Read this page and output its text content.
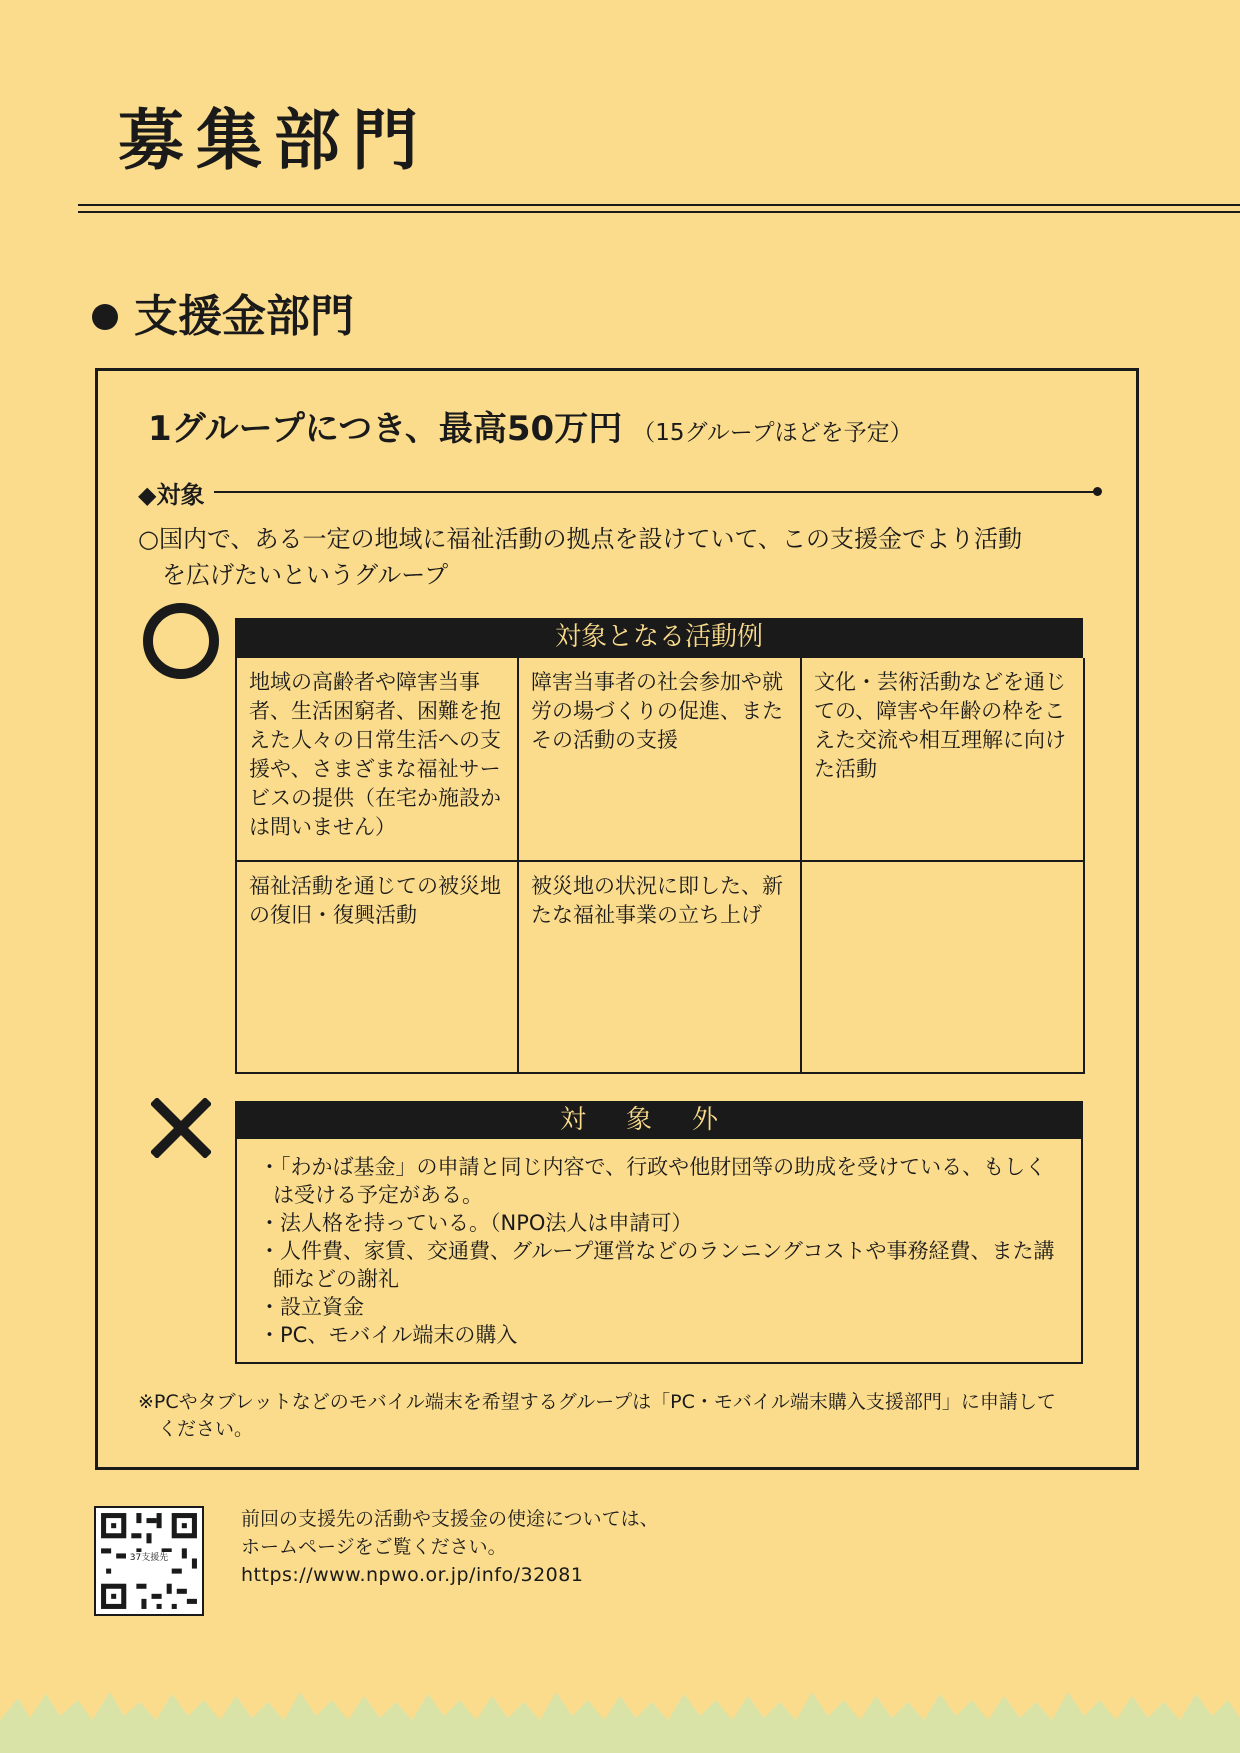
募集部門
支援金部門
1グループにつき、最高50万円 （15グループほどを予定）
◆対象
○国内で、ある一定の地域に福祉活動の拠点を設けていて、この支援金でより活動
を広げたいというグループ
対象となる活動例
地域の高齢者や障害当事者、生活困窮者、困難を抱えた人々の日常生活への支援や、さまざまな福祉サービスの提供（在宅か施設かは問いません）
障害当事者の社会参加や就労の場づくりの促進、またその活動の支援
文化・芸術活動などを通じての、障害や年齢の枠をこえた交流や相互理解に向けた活動
福祉活動を通じての被災地の復旧・復興活動
被災地の状況に即した、新たな福祉事業の立ち上げ
対象外
・「わかば基金」の申請と同じ内容で、行政や他財団等の助成を受けている、もしくは受ける予定がある。
・法人格を持っている。（NPO法人は申請可）
・人件費、家賃、交通費、グループ運営などのランニングコストや事務経費、また講師などの謝礼
・設立資金
・PC、モバイル端末の購入
※PCやタブレットなどのモバイル端末を希望するグループは「PC・モバイル端末購入支援部門」に申請して
ください。
37支援先
前回の支援先の活動や支援金の使途については、
ホームページをご覧ください。
https://www.npwo.or.jp/info/32081
